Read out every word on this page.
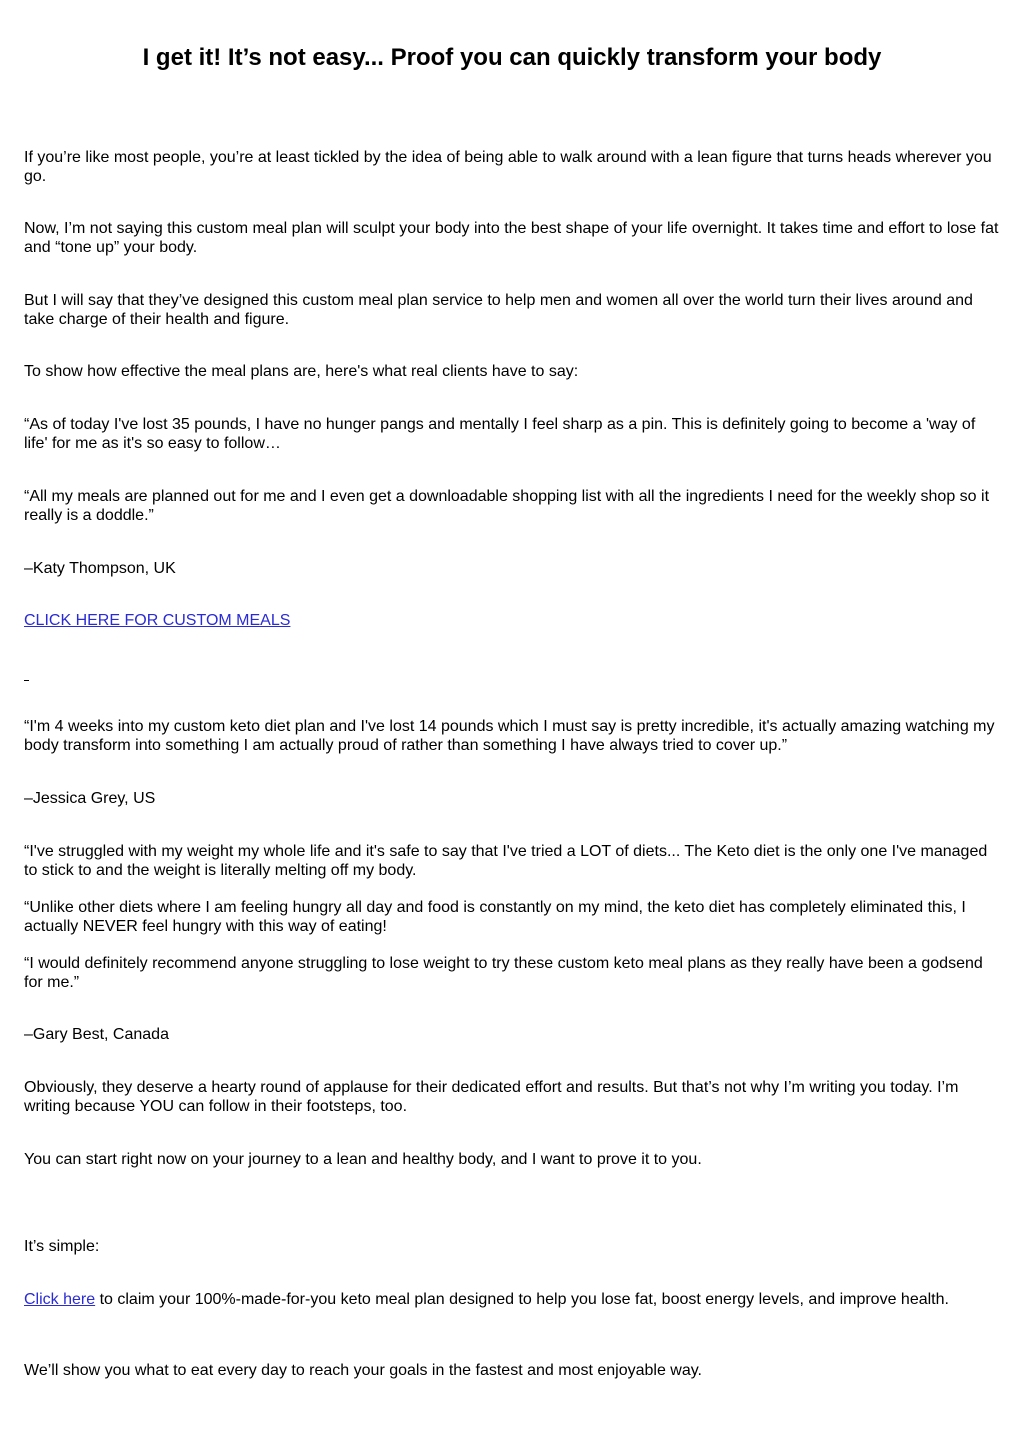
I get it! It’s not easy... Proof you can quickly transform your body

If you’re like most people, you’re at least tickled by the idea of being able to walk around with a lean figure that turns heads wherever you go.

Now, I’m not saying this custom meal plan will sculpt your body into the best shape of your life overnight. It takes time and effort to lose fat and “tone up” your body.

But I will say that they’ve designed this custom meal plan service to help men and women all over the world turn their lives around and take charge of their health and figure.

To show how effective the meal plans are, here's what real clients have to say:

“As of today I've lost 35 pounds, I have no hunger pangs and mentally I feel sharp as a pin. This is definitely going to become a 'way of life' for me as it's so easy to follow…

“All my meals are planned out for me and I even get a downloadable shopping list with all the ingredients I need for the weekly shop so it really is a doddle.”

–Katy Thompson, UK

CLICK HERE FOR CUSTOM MEALS

“I'm 4 weeks into my custom keto diet plan and I've lost 14 pounds which I must say is pretty incredible, it's actually amazing watching my body transform into something I am actually proud of rather than something I have always tried to cover up.”

–Jessica Grey, US

“I've struggled with my weight my whole life and it's safe to say that I've tried a LOT of diets... The Keto diet is the only one I've managed to stick to and the weight is literally melting off my body.

“Unlike other diets where I am feeling hungry all day and food is constantly on my mind, the keto diet has completely eliminated this, I actually NEVER feel hungry with this way of eating!

“I would definitely recommend anyone struggling to lose weight to try these custom keto meal plans as they really have been a godsend for me.”

–Gary Best, Canada

Obviously, they deserve a hearty round of applause for their dedicated effort and results. But that’s not why I’m writing you today. I’m writing because YOU can follow in their footsteps, too.

You can start right now on your journey to a lean and healthy body, and I want to prove it to you.

It’s simple:

Click here to claim your 100%-made-for-you keto meal plan designed to help you lose fat, boost energy levels, and improve health.

We’ll show you what to eat every day to reach your goals in the fastest and most enjoyable way.
